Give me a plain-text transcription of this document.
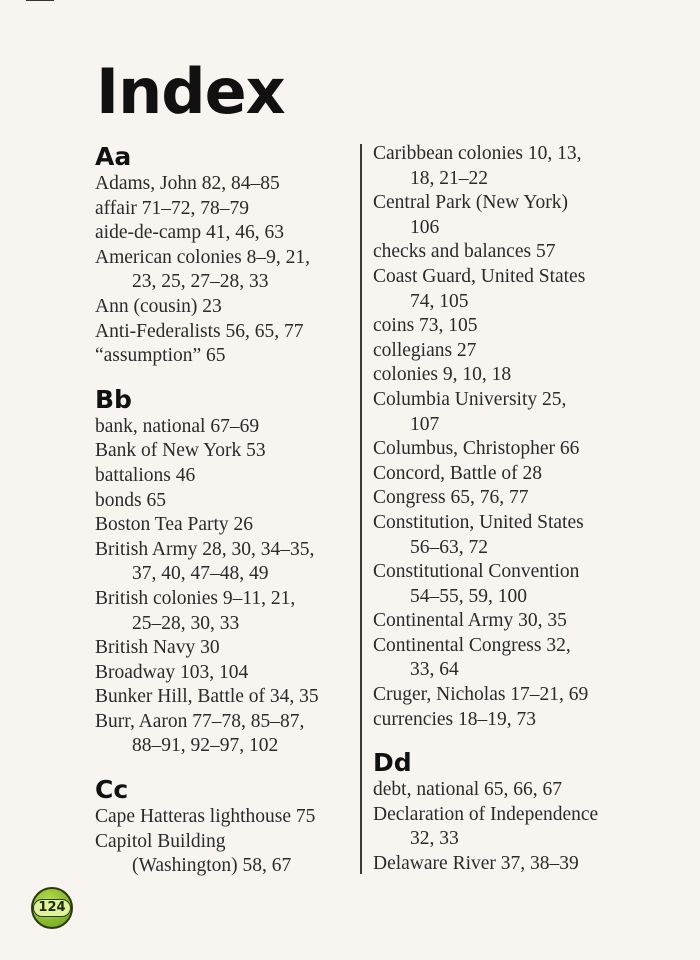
Index
Aa
Adams, John 82, 84–85
affair 71–72, 78–79
aide-de-camp 41, 46, 63
American colonies 8–9, 21,
23, 25, 27–28, 33
Ann (cousin) 23
Anti-Federalists 56, 65, 77
“assumption” 65
Bb
bank, national 67–69
Bank of New York 53
battalions 46
bonds 65
Boston Tea Party 26
British Army 28, 30, 34–35,
37, 40, 47–48, 49
British colonies 9–11, 21,
25–28, 30, 33
British Navy 30
Broadway 103, 104
Bunker Hill, Battle of 34, 35
Burr, Aaron 77–78, 85–87,
88–91, 92–97, 102
Cc
Cape Hatteras lighthouse 75
Capitol Building
(Washington) 58, 67
Caribbean colonies 10, 13,
18, 21–22
Central Park (New York)
106
checks and balances 57
Coast Guard, United States
74, 105
coins 73, 105
collegians 27
colonies 9, 10, 18
Columbia University 25,
107
Columbus, Christopher 66
Concord, Battle of 28
Congress 65, 76, 77
Constitution, United States
56–63, 72
Constitutional Convention
54–55, 59, 100
Continental Army 30, 35
Continental Congress 32,
33, 64
Cruger, Nicholas 17–21, 69
currencies 18–19, 73
Dd
debt, national 65, 66, 67
Declaration of Independence
32, 33
Delaware River 37, 38–39
124
